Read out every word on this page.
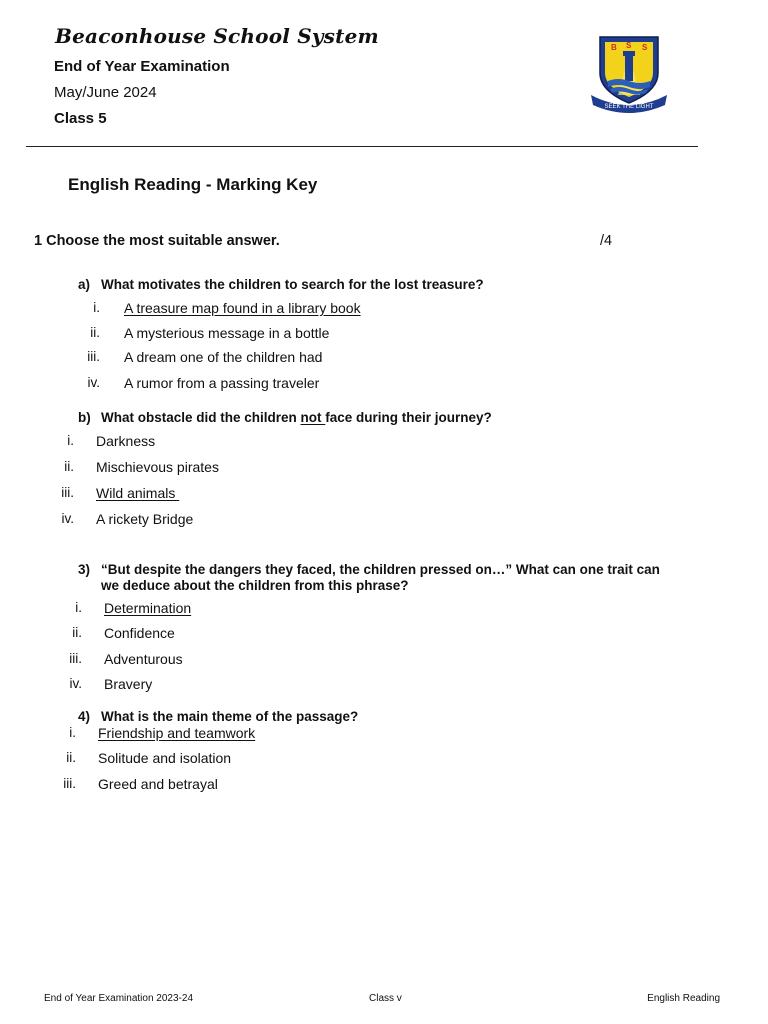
Beaconhouse School System
End of Year Examination
May/June 2024
Class 5
B S S
SEEK THE LIGHT
English Reading - Marking Key
1 Choose the most suitable answer.	/4
a) What motivates the children to search for the lost treasure?
i. A treasure map found in a library book
ii. A mysterious message in a bottle
iii. A dream one of the children had
iv. A rumor from a passing traveler
b) What obstacle did the children not face during their journey?
i. Darkness
ii. Mischievous pirates
iii. Wild animals
iv. A rickety Bridge
3) “But despite the dangers they faced, the children pressed on…” What can one trait can
we deduce about the children from this phrase?
i. Determination
ii. Confidence
iii. Adventurous
iv. Bravery
4) What is the main theme of the passage?
i. Friendship and teamwork
ii. Solitude and isolation
iii. Greed and betrayal
End of Year Examination 2023-24	Class v	English Reading
